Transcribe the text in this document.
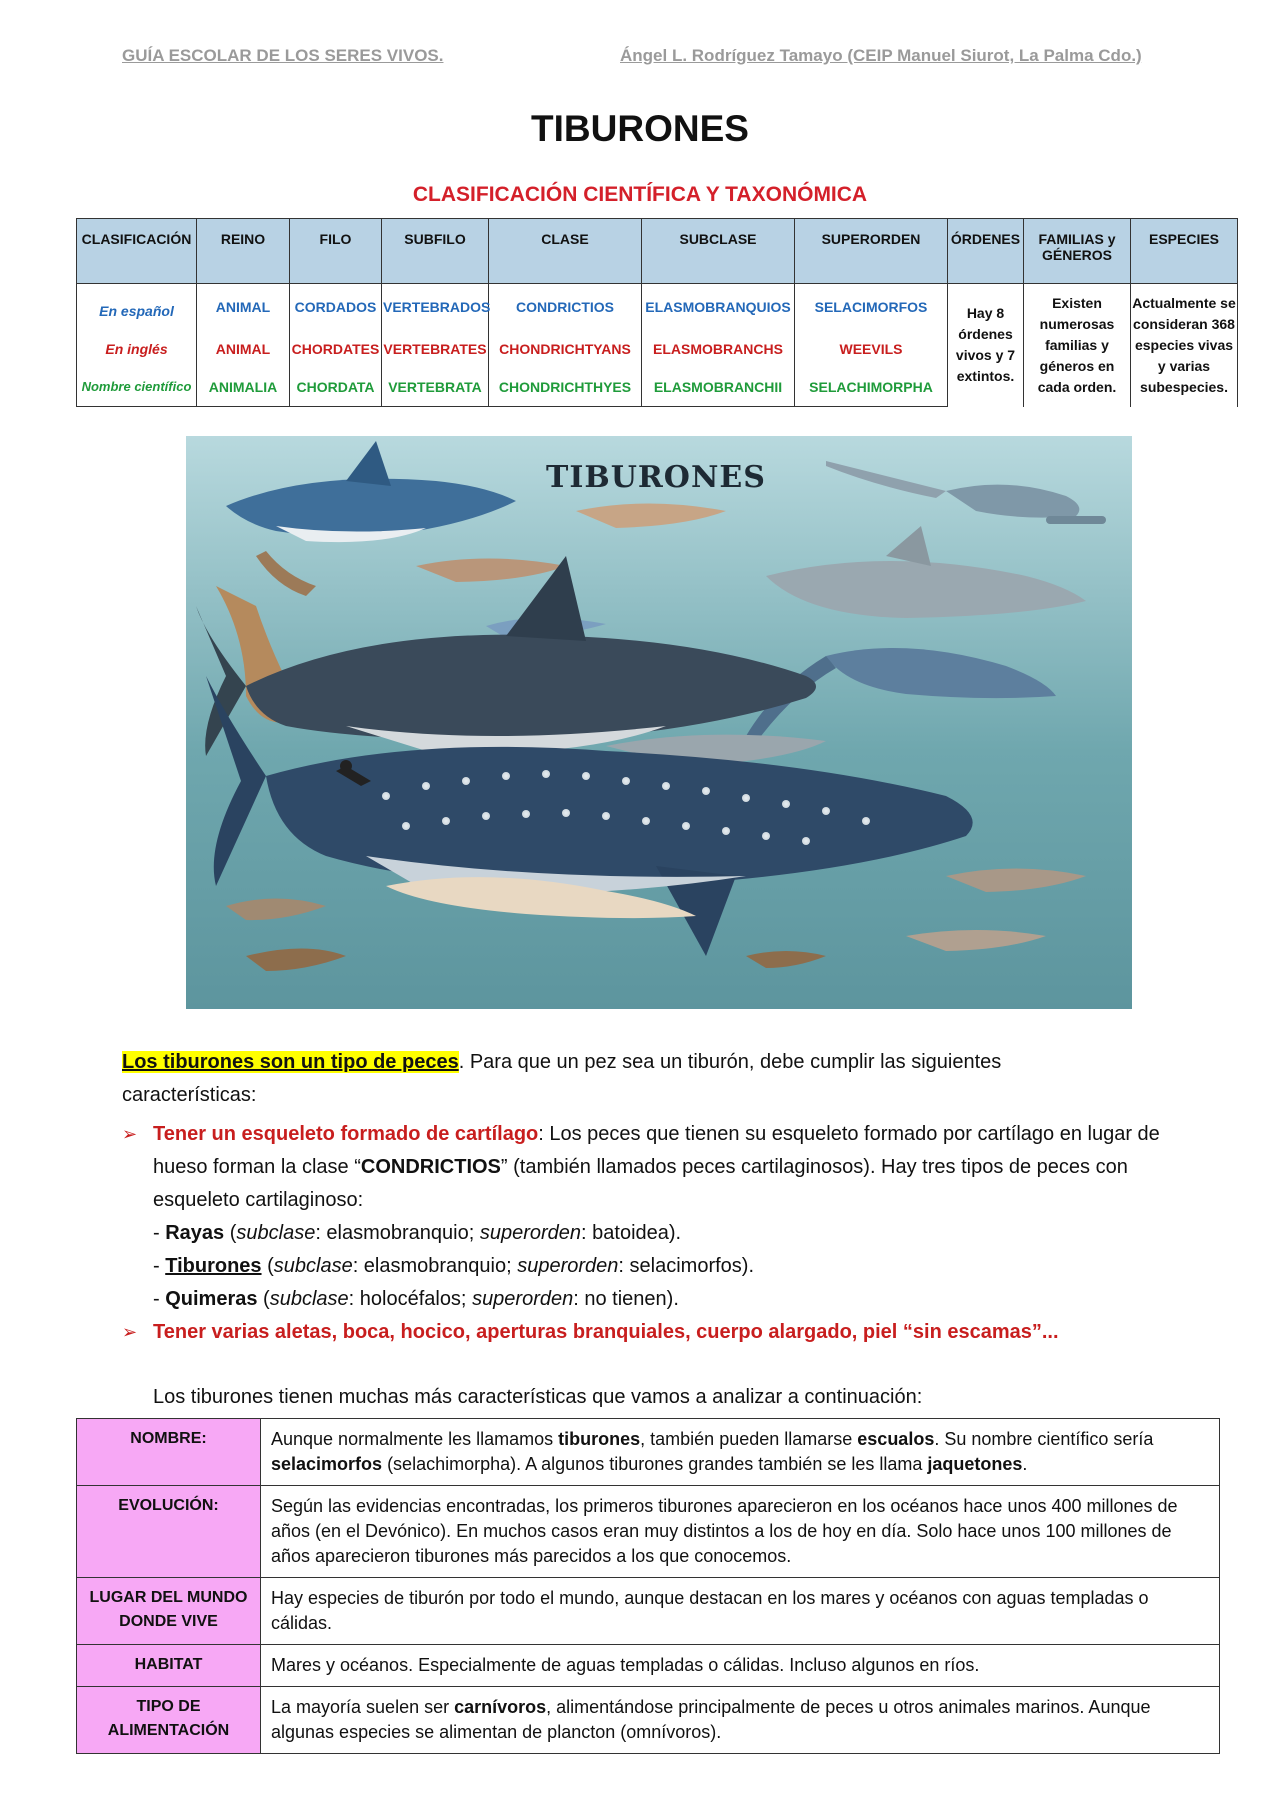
GUÍA ESCOLAR DE LOS SERES VIVOS.	Ángel L. Rodríguez Tamayo (CEIP Manuel Siurot, La Palma Cdo.)
TIBURONES
CLASIFICACIÓN CIENTÍFICA Y TAXONÓMICA
CLASIFICACIÓN	REINO	FILO	SUBFILO	CLASE	SUBCLASE	SUPERORDEN	ÓRDENES	FAMILIAS y GÉNEROS	ESPECIES
En español	ANIMAL	CORDADOS	VERTEBRADOS	CONDRICTIOS	ELASMOBRANQUIOS	SELACIMORFOS	Hay 8 órdenes vivos y 7 extintos.	Existen numerosas familias y géneros en cada orden.	Actualmente se consideran 368 especies vivas y varias subespecies.
En inglés	ANIMAL	CHORDATES	VERTEBRATES	CHONDRICHTYANS	ELASMOBRANCHS	WEEVILS			
Nombre científico	ANIMALIA	CHORDATA	VERTEBRATA	CHONDRICHTHYES	ELASMOBRANCHII	SELACHIMORPHA			
TIBURONES
Los tiburones son un tipo de peces. Para que un pez sea un tiburón, debe cumplir las siguientes características:
➢ Tener un esqueleto formado de cartílago: Los peces que tienen su esqueleto formado por cartílago en lugar de hueso forman la clase “CONDRICTIOS” (también llamados peces cartilaginosos). Hay tres tipos de peces con esqueleto cartilaginoso:
- Rayas (subclase: elasmobranquio; superorden: batoidea).
- Tiburones (subclase: elasmobranquio; superorden: selacimorfos).
- Quimeras (subclase: holocéfalos; superorden: no tienen).
➢ Tener varias aletas, boca, hocico, aperturas branquiales, cuerpo alargado, piel “sin escamas”...
Los tiburones tienen muchas más características que vamos a analizar a continuación:
NOMBRE:	Aunque normalmente les llamamos tiburones, también pueden llamarse escualos. Su nombre científico sería selacimorfos (selachimorpha). A algunos tiburones grandes también se les llama jaquetones.
EVOLUCIÓN:	Según las evidencias encontradas, los primeros tiburones aparecieron en los océanos hace unos 400 millones de años (en el Devónico). En muchos casos eran muy distintos a los de hoy en día. Solo hace unos 100 millones de años aparecieron tiburones más parecidos a los que conocemos.
LUGAR DEL MUNDO DONDE VIVE	Hay especies de tiburón por todo el mundo, aunque destacan en los mares y océanos con aguas templadas o cálidas.
HABITAT	Mares y océanos. Especialmente de aguas templadas o cálidas. Incluso algunos en ríos.
TIPO DE ALIMENTACIÓN	La mayoría suelen ser carnívoros, alimentándose principalmente de peces u otros animales marinos. Aunque algunas especies se alimentan de plancton (omnívoros).
